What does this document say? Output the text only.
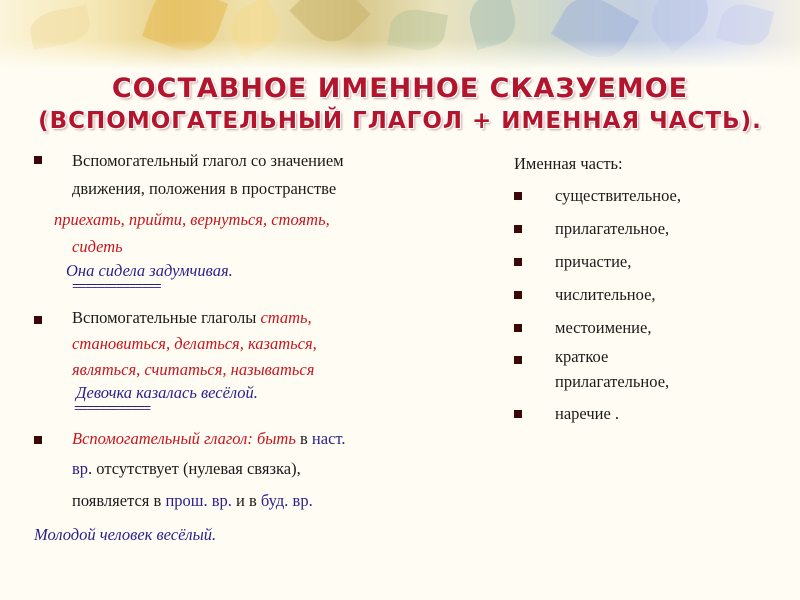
СОСТАВНОЕ ИМЕННОЕ СКАЗУЕМОЕ
(ВСПОМОГАТЕЛЬНЫЙ ГЛАГОЛ + ИМЕННАЯ ЧАСТЬ).
Вспомогательный глагол со значением
движения, положения в пространстве
приехать, прийти, вернуться, стоять,
сидеть
Она сидела задумчивая.
==============
Вспомогательные глаголы стать,
становиться, делаться, казаться,
являться, считаться, называться
Девочка казалась весёлой.
============
Вспомогательный глагол: быть в наст.
вр. отсутствует (нулевая связка),
появляется в прош. вр. и в буд. вр.
Молодой человек весёлый.
Именная часть:
существительное,
прилагательное,
причастие,
числительное,
местоимение,
краткое
прилагательное,
наречие .
